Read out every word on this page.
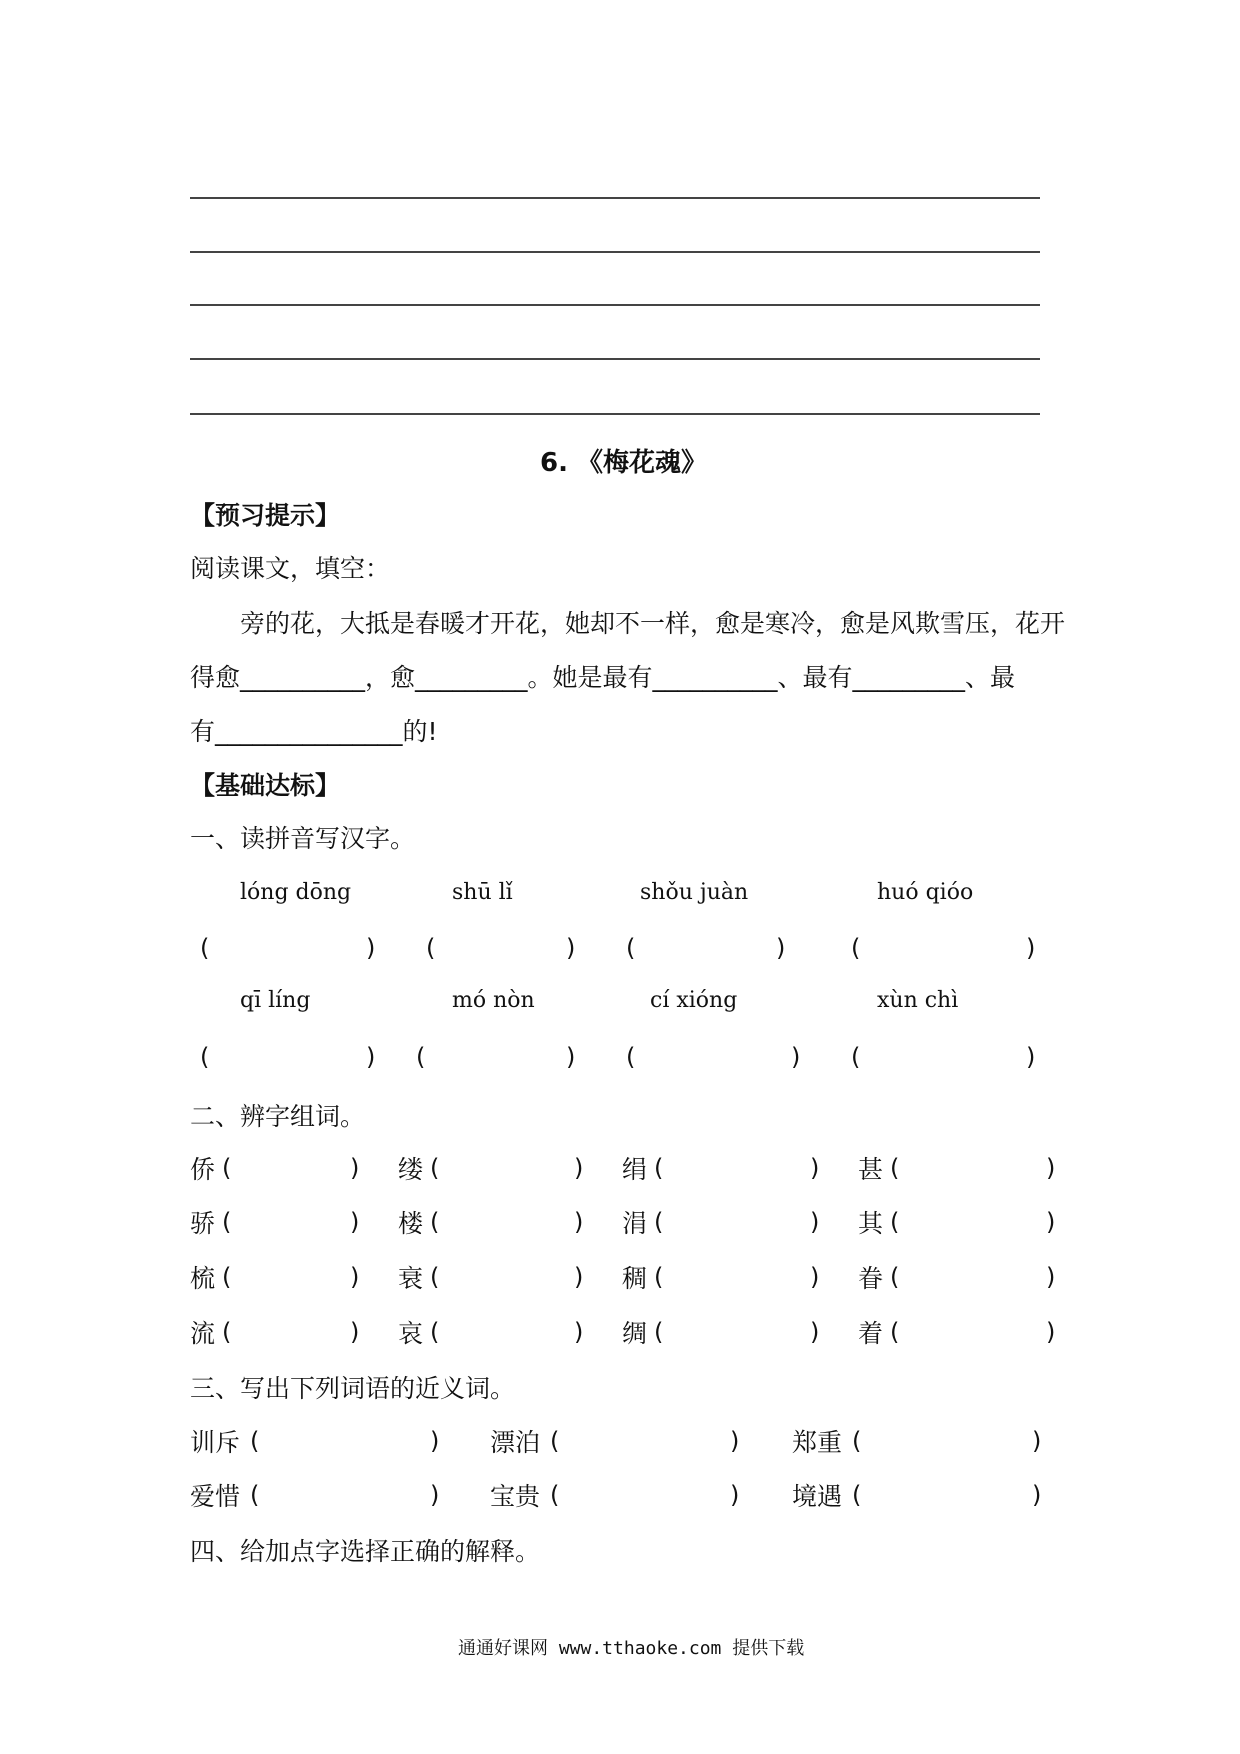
6. 《梅花魂》
【预习提示】
阅读课文，填空：
旁的花，大抵是春暖才开花，她却不一样，愈是寒冷，愈是风欺雪压，花开
得愈__________，愈_________。她是最有__________、最有_________、最
有_______________的!
【基础达标】
一、读拼音写汉字。
lóng dōng	shū lǐ	shǒu juàn	huó qióo
(	) (	) (	)	(	)
qī líng	mó nòn	cí xióng	xùn chì
(	) (	) (	) (	)
二、辨字组词。
侨 (	) 缕 (	) 绢 (	) 甚 (	)
骄 (	) 楼 (	) 涓 (	) 其 (	)
梳 (	) 衰 (	) 稠 (	) 眷 (	)
流 (	) 哀 (	) 绸 (	) 着 (	)
三、写出下列词语的近义词。
训斥 (	) 漂泊 (	) 郑重 (	)
爱惜 (	) 宝贵 (	) 境遇 (	)
四、给加点字选择正确的解释。
通通好课网 www.tthaoke.com 提供下载
